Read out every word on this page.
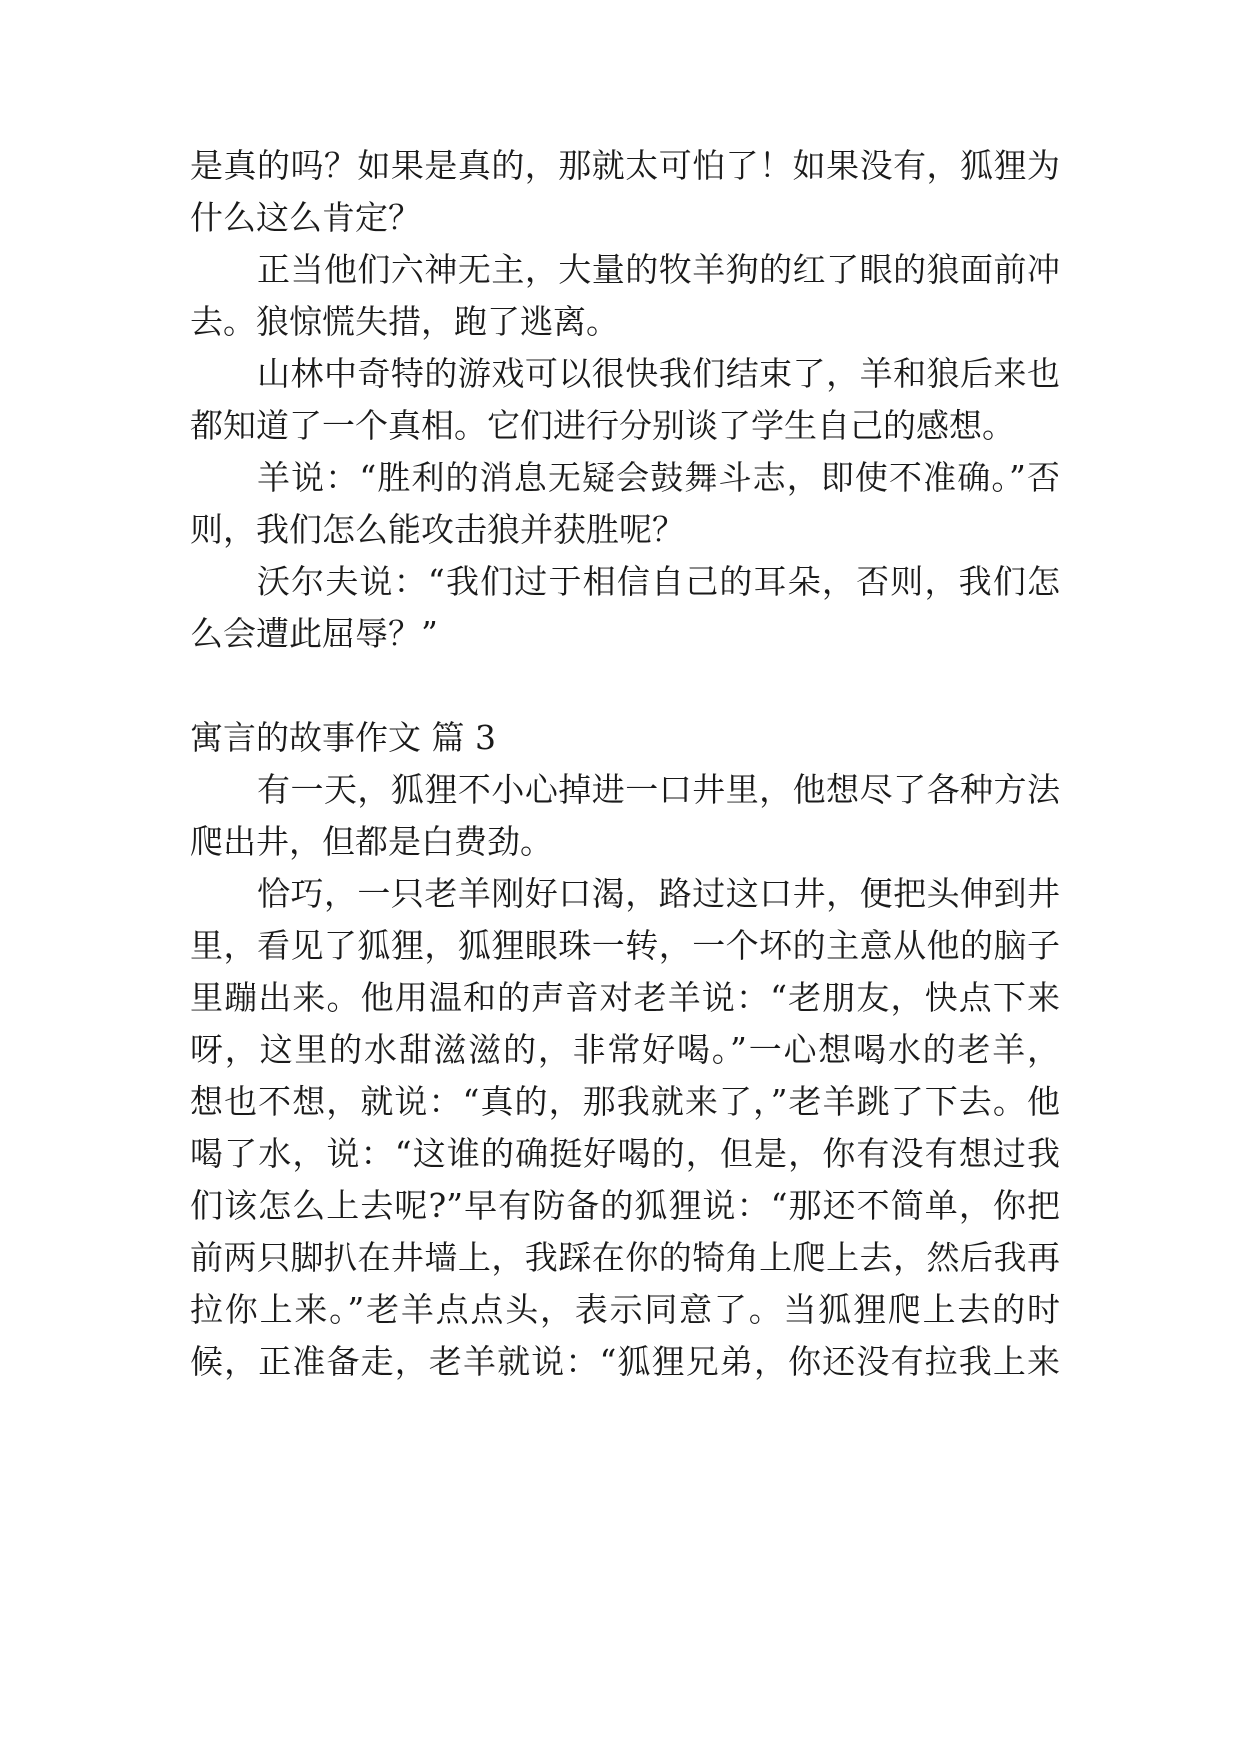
是真的吗？如果是真的，那就太可怕了！如果没有，狐狸为
什么这么肯定？
正当他们六神无主，大量的牧羊狗的红了眼的狼面前冲
去。狼惊慌失措，跑了逃离。
山林中奇特的游戏可以很快我们结束了，羊和狼后来也
都知道了一个真相。它们进行分别谈了学生自己的感想。
羊说：“胜利的消息无疑会鼓舞斗志，即使不准确。”否
则，我们怎么能攻击狼并获胜呢？
沃尔夫说：“我们过于相信自己的耳朵，否则，我们怎
么会遭此屈辱？”
寓言的故事作文 篇 3
有一天，狐狸不小心掉进一口井里，他想尽了各种方法
爬出井，但都是白费劲。
恰巧，一只老羊刚好口渴，路过这口井，便把头伸到井
里，看见了狐狸，狐狸眼珠一转，一个坏的主意从他的脑子
里蹦出来。他用温和的声音对老羊说：“老朋友，快点下来
呀，这里的水甜滋滋的，非常好喝。”一心想喝水的老羊，
想也不想，就说：“真的，那我就来了，”老羊跳了下去。他
喝了水，说：“这谁的确挺好喝的，但是，你有没有想过我
们该怎么上去呢?”早有防备的狐狸说：“那还不简单，你把
前两只脚扒在井墙上，我踩在你的犄角上爬上去，然后我再
拉你上来。”老羊点点头，表示同意了。当狐狸爬上去的时
候，正准备走，老羊就说：“狐狸兄弟，你还没有拉我上来
